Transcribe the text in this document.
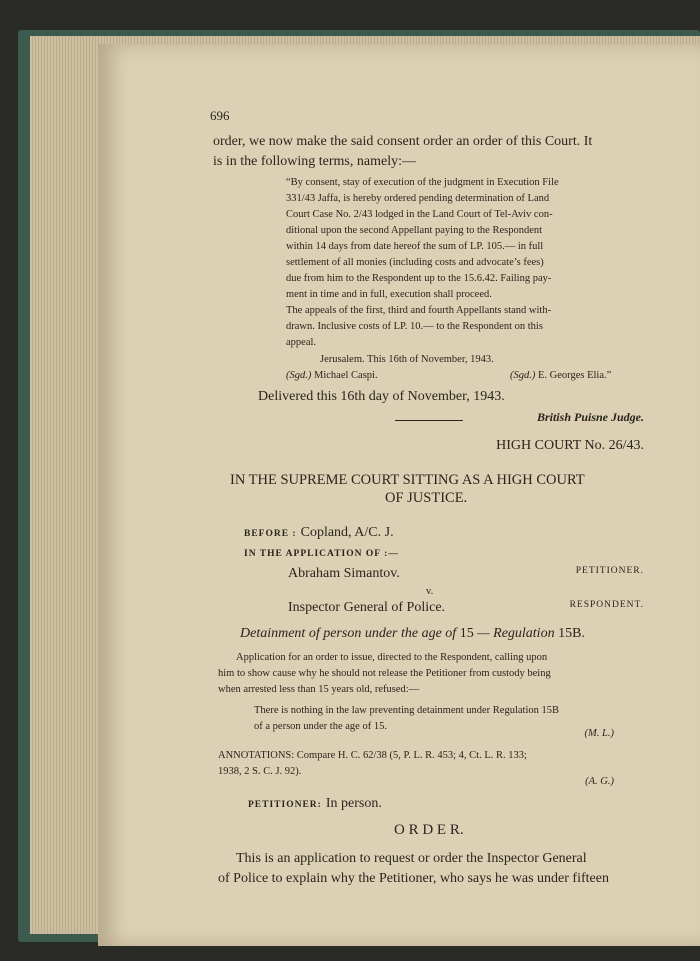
696
order, we now make the said consent order an order of this Court. It
is in the following terms, namely:—
“By consent, stay of execution of the judgment in Execution File
331/43 Jaffa, is hereby ordered pending determination of Land
Court Case No. 2/43 lodged in the Land Court of Tel-Aviv con-
ditional upon the second Appellant paying to the Respondent
within 14 days from date hereof the sum of LP. 105.— in full
settlement of all monies (including costs and advocate’s fees)
due from him to the Respondent up to the 15.6.42. Failing pay-
ment in time and in full, execution shall proceed.
The appeals of the first, third and fourth Appellants stand with-
drawn. Inclusive costs of LP. 10.— to the Respondent on this
appeal.
Jerusalem. This 16th of November, 1943.
(Sgd.) Michael Caspi.	(Sgd.) E. Georges Elia.”
Delivered this 16th day of November, 1943.
British Puisne Judge.
HIGH COURT No. 26/43.
IN THE SUPREME COURT SITTING AS A HIGH COURT
OF JUSTICE.
BEFORE : Copland, A/C. J.
IN THE APPLICATION OF :—
Abraham Simantov.	PETITIONER.
v.
Inspector General of Police.	RESPONDENT.
Detainment of person under the age of 15 — Regulation 15B.
Application for an order to issue, directed to the Respondent, calling upon
him to show cause why he should not release the Petitioner from custody being
when arrested less than 15 years old, refused:—
There is nothing in the law preventing detainment under Regulation 15B
of a person under the age of 15.
(M. L.)
ANNOTATIONS: Compare H. C. 62/38 (5, P. L. R. 453; 4, Ct. L. R. 133;
1938, 2 S. C. J. 92).
(A. G.)
PETITIONER: In person.
O R D E R.
This is an application to request or order the Inspector General
of Police to explain why the Petitioner, who says he was under fifteen
